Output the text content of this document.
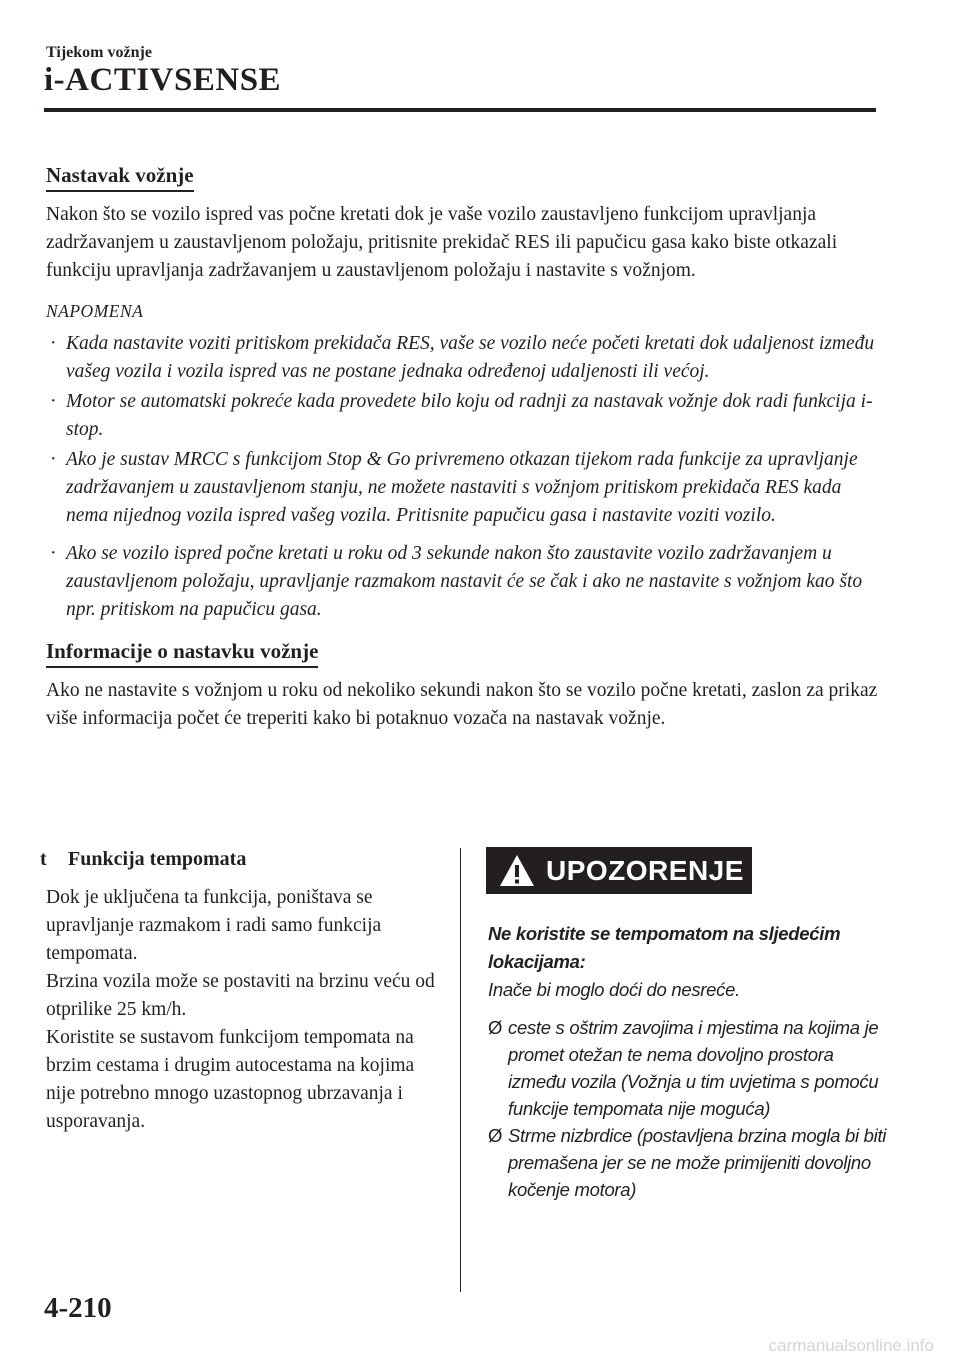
Tijekom vožnje
i-ACTIVSENSE
Nastavak vožnje

Nakon što se vozilo ispred vas počne kretati dok je vaše vozilo zaustavljeno funkcijom upravljanja zadržavanjem u zaustavljenom položaju, pritisnite prekidač RES ili papučicu gasa kako biste otkazali funkciju upravljanja zadržavanjem u zaustavljenom položaju i nastavite s vožnjom.

NAPOMENA
· Kada nastavite voziti pritiskom prekidača RES, vaše se vozilo neće početi kretati dok udaljenost između vašeg vozila i vozila ispred vas ne postane jednaka određenoj udaljenosti ili većoj.
· Motor se automatski pokreće kada provedete bilo koju od radnji za nastavak vožnje dok radi funkcija i-stop.
· Ako je sustav MRCC s funkcijom Stop & Go privremeno otkazan tijekom rada funkcije za upravljanje zadržavanjem u zaustavljenom stanju, ne možete nastaviti s vožnjom pritiskom prekidača RES kada nema nijednog vozila ispred vašeg vozila. Pritisnite papučicu gasa i nastavite voziti vozilo.
· Ako se vozilo ispred počne kretati u roku od 3 sekunde nakon što zaustavite vozilo zadržavanjem u zaustavljenom položaju, upravljanje razmakom nastavit će se čak i ako ne nastavite s vožnjom kao što npr. pritiskom na papučicu gasa.
Informacije o nastavku vožnje

Ako ne nastavite s vožnjom u roku od nekoliko sekundi nakon što se vozilo počne kretati, zaslon za prikaz više informacija počet će treperiti kako bi potaknuo vozača na nastavak vožnje.

t Funkcija tempomata

Dok je uključena ta funkcija, poništava se upravljanje razmakom i radi samo funkcija tempomata.

Brzina vozila može se postaviti na brzinu veću od otprilike 25 km/h.

Koristite se sustavom funkcijom tempomata na brzim cestama i drugim autocestama na kojima nije potrebno mnogo uzastopnog ubrzavanja i usporavanja.

UPOZORENJE

Ne koristite se tempomatom na sljedećim lokacijama:

Inače bi moglo doći do nesreće.

Ø ceste s oštrim zavojima i mjestima na kojima je promet otežan te nema dovoljno prostora između vozila (Vožnja u tim uvjetima s pomoću funkcije tempomata nije moguća)
Ø Strme nizbrdice (postavljena brzina mogla bi biti premašena jer se ne može primijeniti dovoljno kočenje motora)
4-210
carmanualsonline.info
